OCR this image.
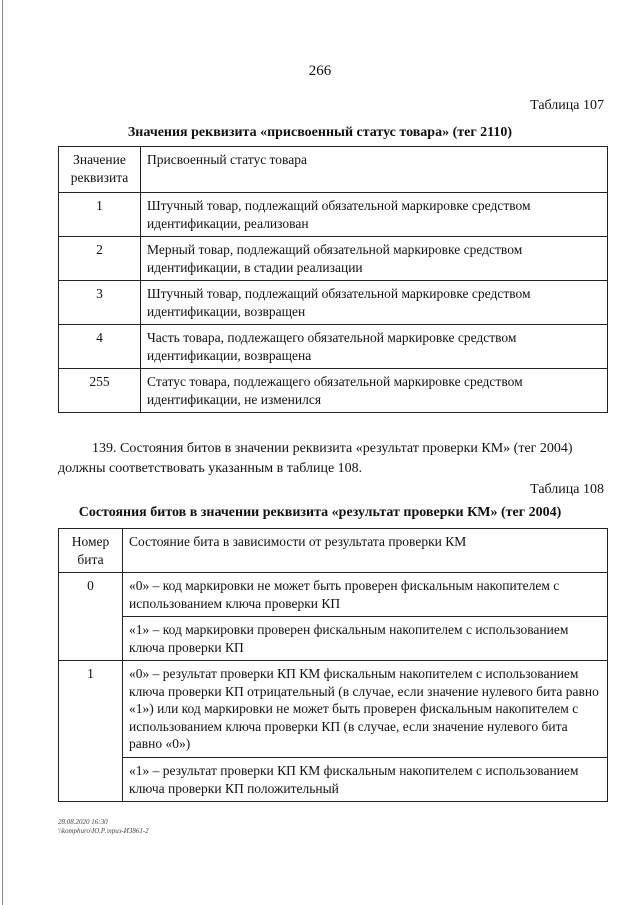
266
Таблица 107
Значения реквизита «присвоенный статус товара» (тег 2110)
Значение реквизита	Присвоенный статус товара
1	Штучный товар, подлежащий обязательной маркировке средством идентификации, реализован
2	Мерный товар, подлежащий обязательной маркировке средством идентификации, в стадии реализации
3	Штучный товар, подлежащий обязательной маркировке средством идентификации, возвращен
4	Часть товара, подлежащего обязательной маркировке средством идентификации, возвращена
255	Статус товара, подлежащего обязательной маркировке средством идентификации, не изменился
139. Состояния битов в значении реквизита «результат проверки КМ» (тег 2004) должны соответствовать указанным в таблице 108.
Таблица 108
Состояния битов в значении реквизита «результат проверки КМ» (тег 2004)
Номер бита	Состояние бита в зависимости от результата проверки КМ
0	«0» – код маркировки не может быть проверен фискальным накопителем с использованием ключа проверки КП
	«1» – код маркировки проверен фискальным накопителем с использованием ключа проверки КП
1	«0» – результат проверки КП КМ фискальным накопителем с использованием ключа проверки КП отрицательный (в случае, если значение нулевого бита равно «1») или код маркировки не может быть проверен фискальным накопителем с использованием ключа проверки КП (в случае, если значение нулевого бита равно «0»)
	«1» – результат проверки КП КМ фискальным накопителем с использованием ключа проверки КП положительный
28.08.2020 16:30
\\komphuro\Ю.Р.\приз-И3861-2
